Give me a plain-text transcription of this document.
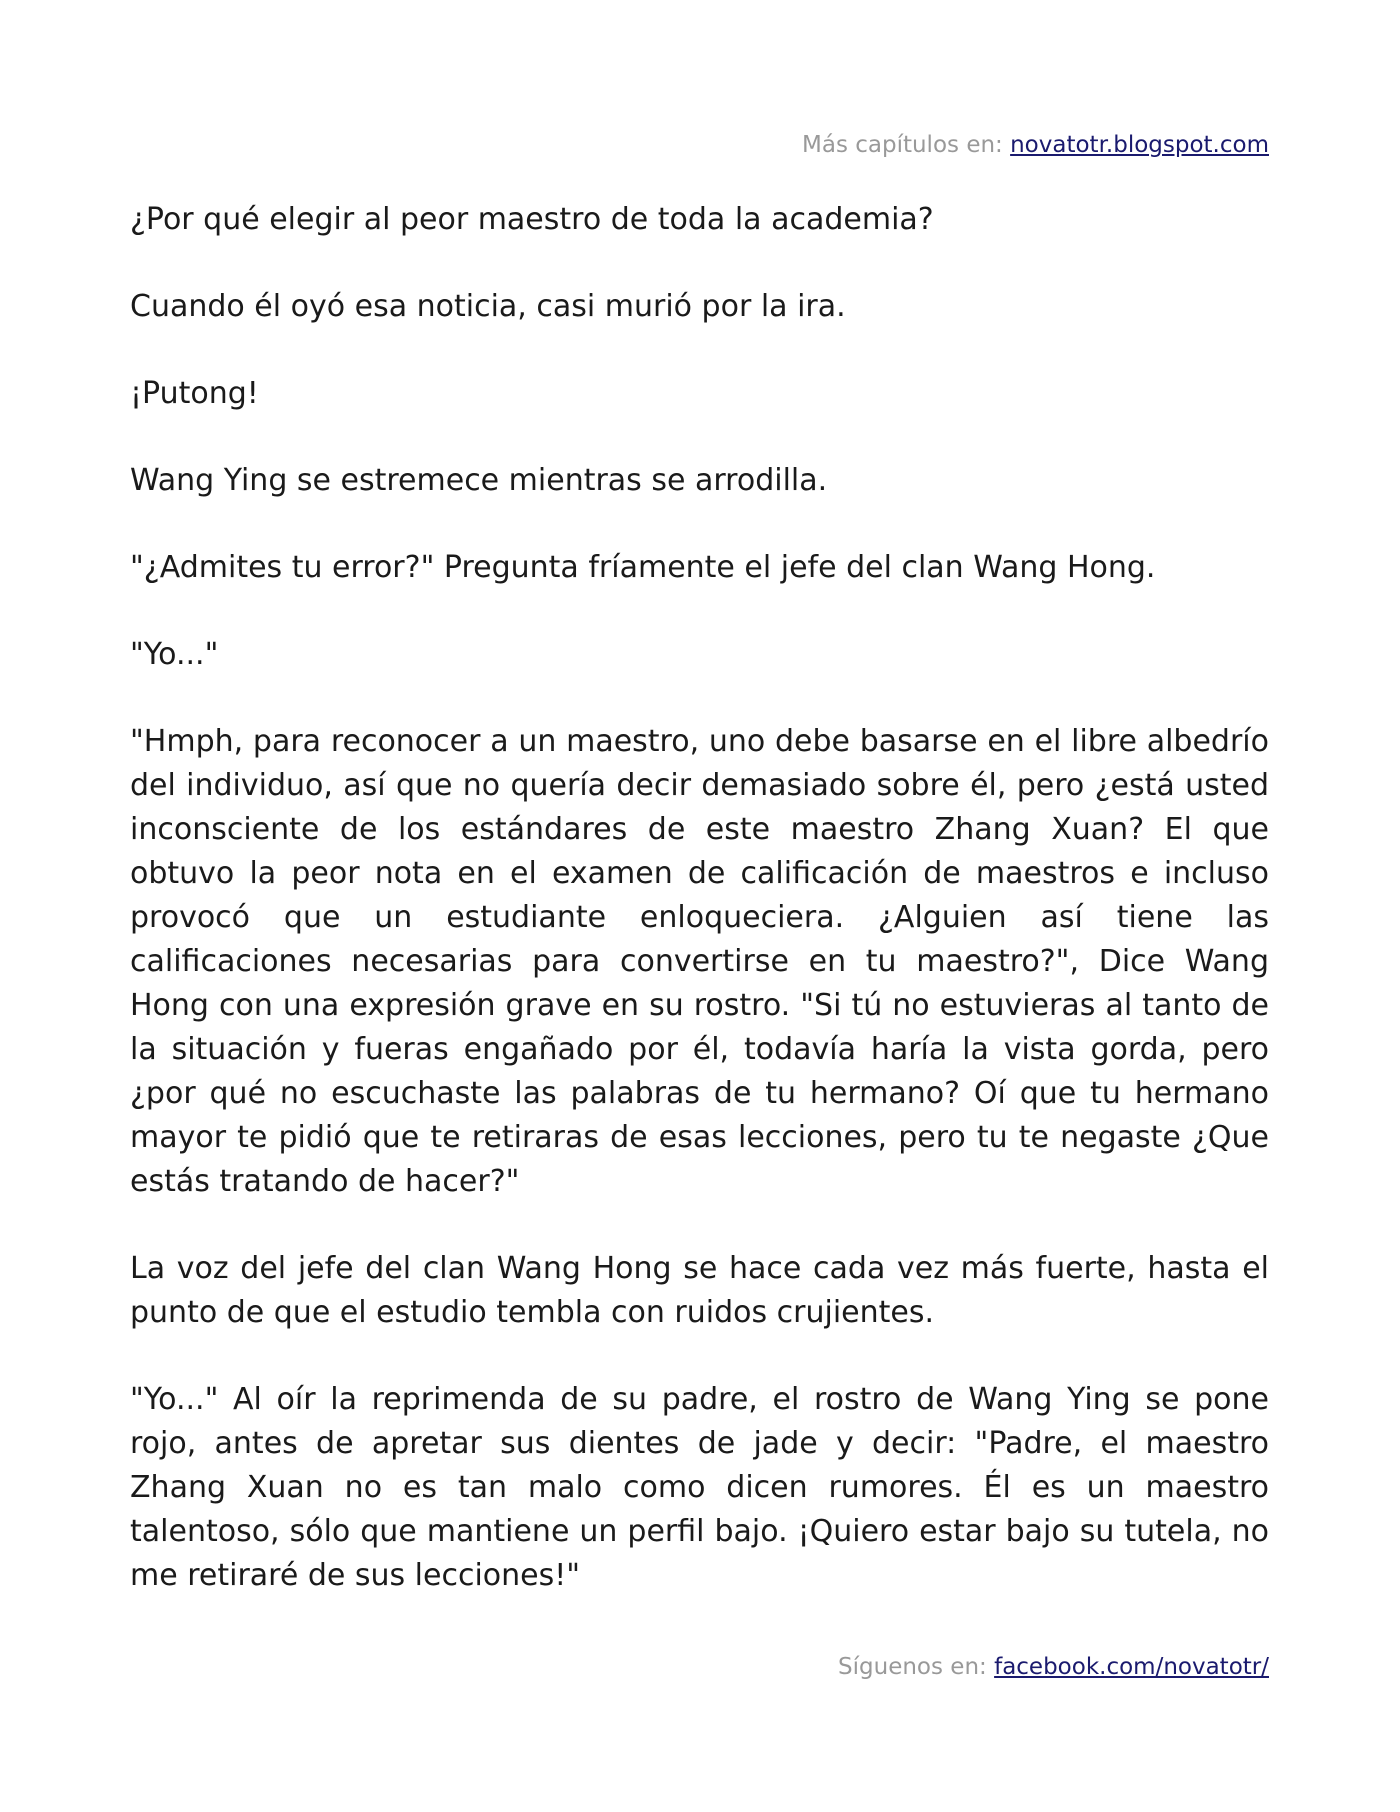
Más capítulos en: novatotr.blogspot.com

¿Por qué elegir al peor maestro de toda la academia?

Cuando él oyó esa noticia, casi murió por la ira.

¡Putong!

Wang Ying se estremece mientras se arrodilla.

"¿Admites tu error?" Pregunta fríamente el jefe del clan Wang Hong.

"Yo..."

"Hmph, para reconocer a un maestro, uno debe basarse en el libre albedrío del individuo, así que no quería decir demasiado sobre él, pero ¿está usted inconsciente de los estándares de este maestro Zhang Xuan? El que obtuvo la peor nota en el examen de calificación de maestros e incluso provocó que un estudiante enloqueciera. ¿Alguien así tiene las calificaciones necesarias para convertirse en tu maestro?", Dice Wang Hong con una expresión grave en su rostro. "Si tú no estuvieras al tanto de la situación y fueras engañado por él, todavía haría la vista gorda, pero ¿por qué no escuchaste las palabras de tu hermano? Oí que tu hermano mayor te pidió que te retiraras de esas lecciones, pero tu te negaste ¿Que estás tratando de hacer?"

La voz del jefe del clan Wang Hong se hace cada vez más fuerte, hasta el punto de que el estudio tembla con ruidos crujientes.

"Yo..." Al oír la reprimenda de su padre, el rostro de Wang Ying se pone rojo, antes de apretar sus dientes de jade y decir: "Padre, el maestro Zhang Xuan no es tan malo como dicen rumores. Él es un maestro talentoso, sólo que mantiene un perfil bajo. ¡Quiero estar bajo su tutela, no me retiraré de sus lecciones!"

Síguenos en: facebook.com/novatotr/
